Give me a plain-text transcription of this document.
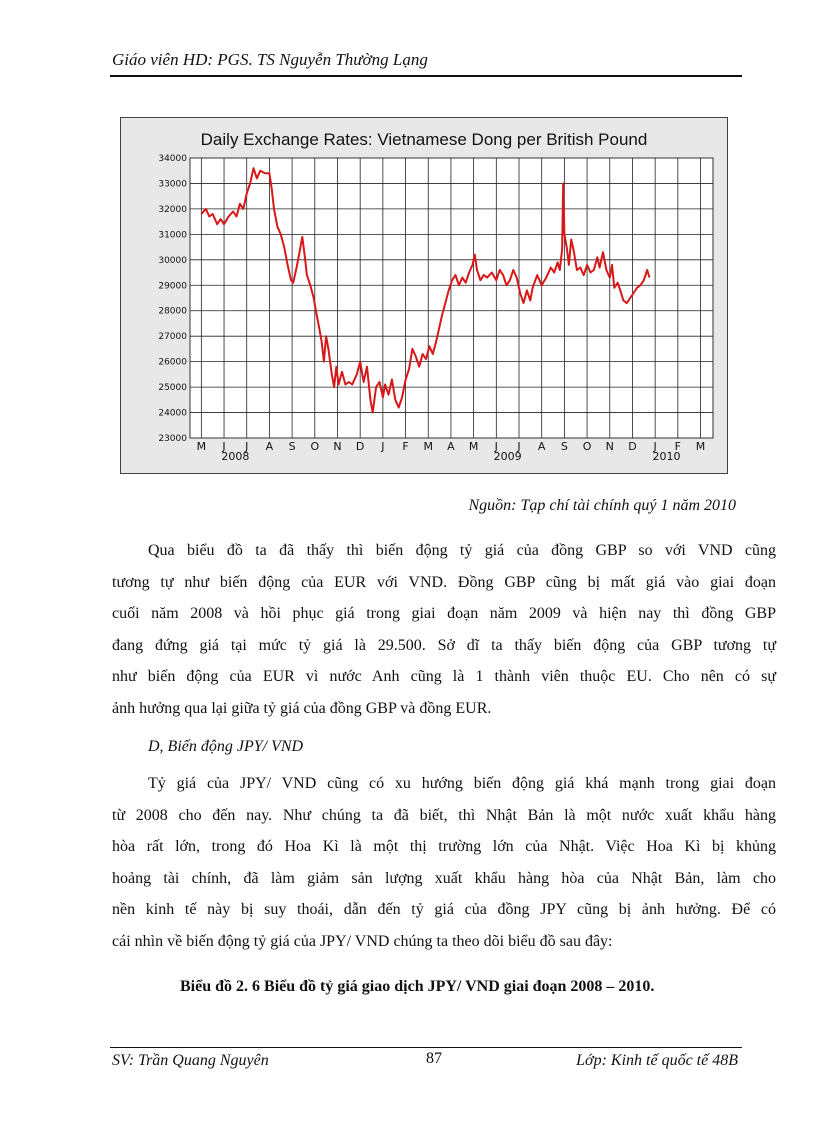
Giáo viên HD: PGS. TS Nguyễn Thường Lạng
Daily Exchange Rates: Vietnamese Dong per British Pound
34000
33000
32000
31000
30000
29000
28000
27000
26000
25000
24000
23000
M J J A S O N D J F M A M J J A S O N D J F M
2008	2009	2010
Nguồn: Tạp chí tài chính quý 1 năm 2010
Qua biểu đồ ta đã thấy thì biến động tỷ giá của đồng GBP so với VND cũng
tương tự như biến động của EUR với VND. Đồng GBP cũng bị mất giá vào giai đoạn
cuối năm 2008 và hồi phục giá trong giai đoạn năm 2009 và hiện nay thì đồng GBP
đang đứng giá tại mức tỷ giá là 29.500. Sở dĩ ta thấy biến động của GBP tương tự
như biến động của EUR vì nước Anh cũng là 1 thành viên thuộc EU. Cho nên có sự
ảnh hưởng qua lại giữa tỷ giá của đồng GBP và đồng EUR.
D, Biến động JPY/ VND
Tỷ giá của JPY/ VND cũng có xu hướng biến động giá khá mạnh trong giai đoạn
từ 2008 cho đến nay. Như chúng ta đã biết, thì Nhật Bản là một nước xuất khẩu hàng
hòa rất lớn, trong đó Hoa Kì là một thị trường lớn của Nhật. Việc Hoa Kì bị khủng
hoảng tài chính, đã làm giảm sản lượng xuất khẩu hàng hòa của Nhật Bản, làm cho
nền kinh tế này bị suy thoái, dẫn đến tỷ giá của đồng JPY cũng bị ảnh hưởng. Để có
cái nhìn về biến động tỷ giá của JPY/ VND chúng ta theo dõi biểu đồ sau đây:
Biểu đồ 2. 6 Biểu đồ tỷ giá giao dịch JPY/ VND giai đoạn 2008 – 2010.
SV: Trần Quang Nguyên	87	Lớp: Kinh tế quốc tế 48B
